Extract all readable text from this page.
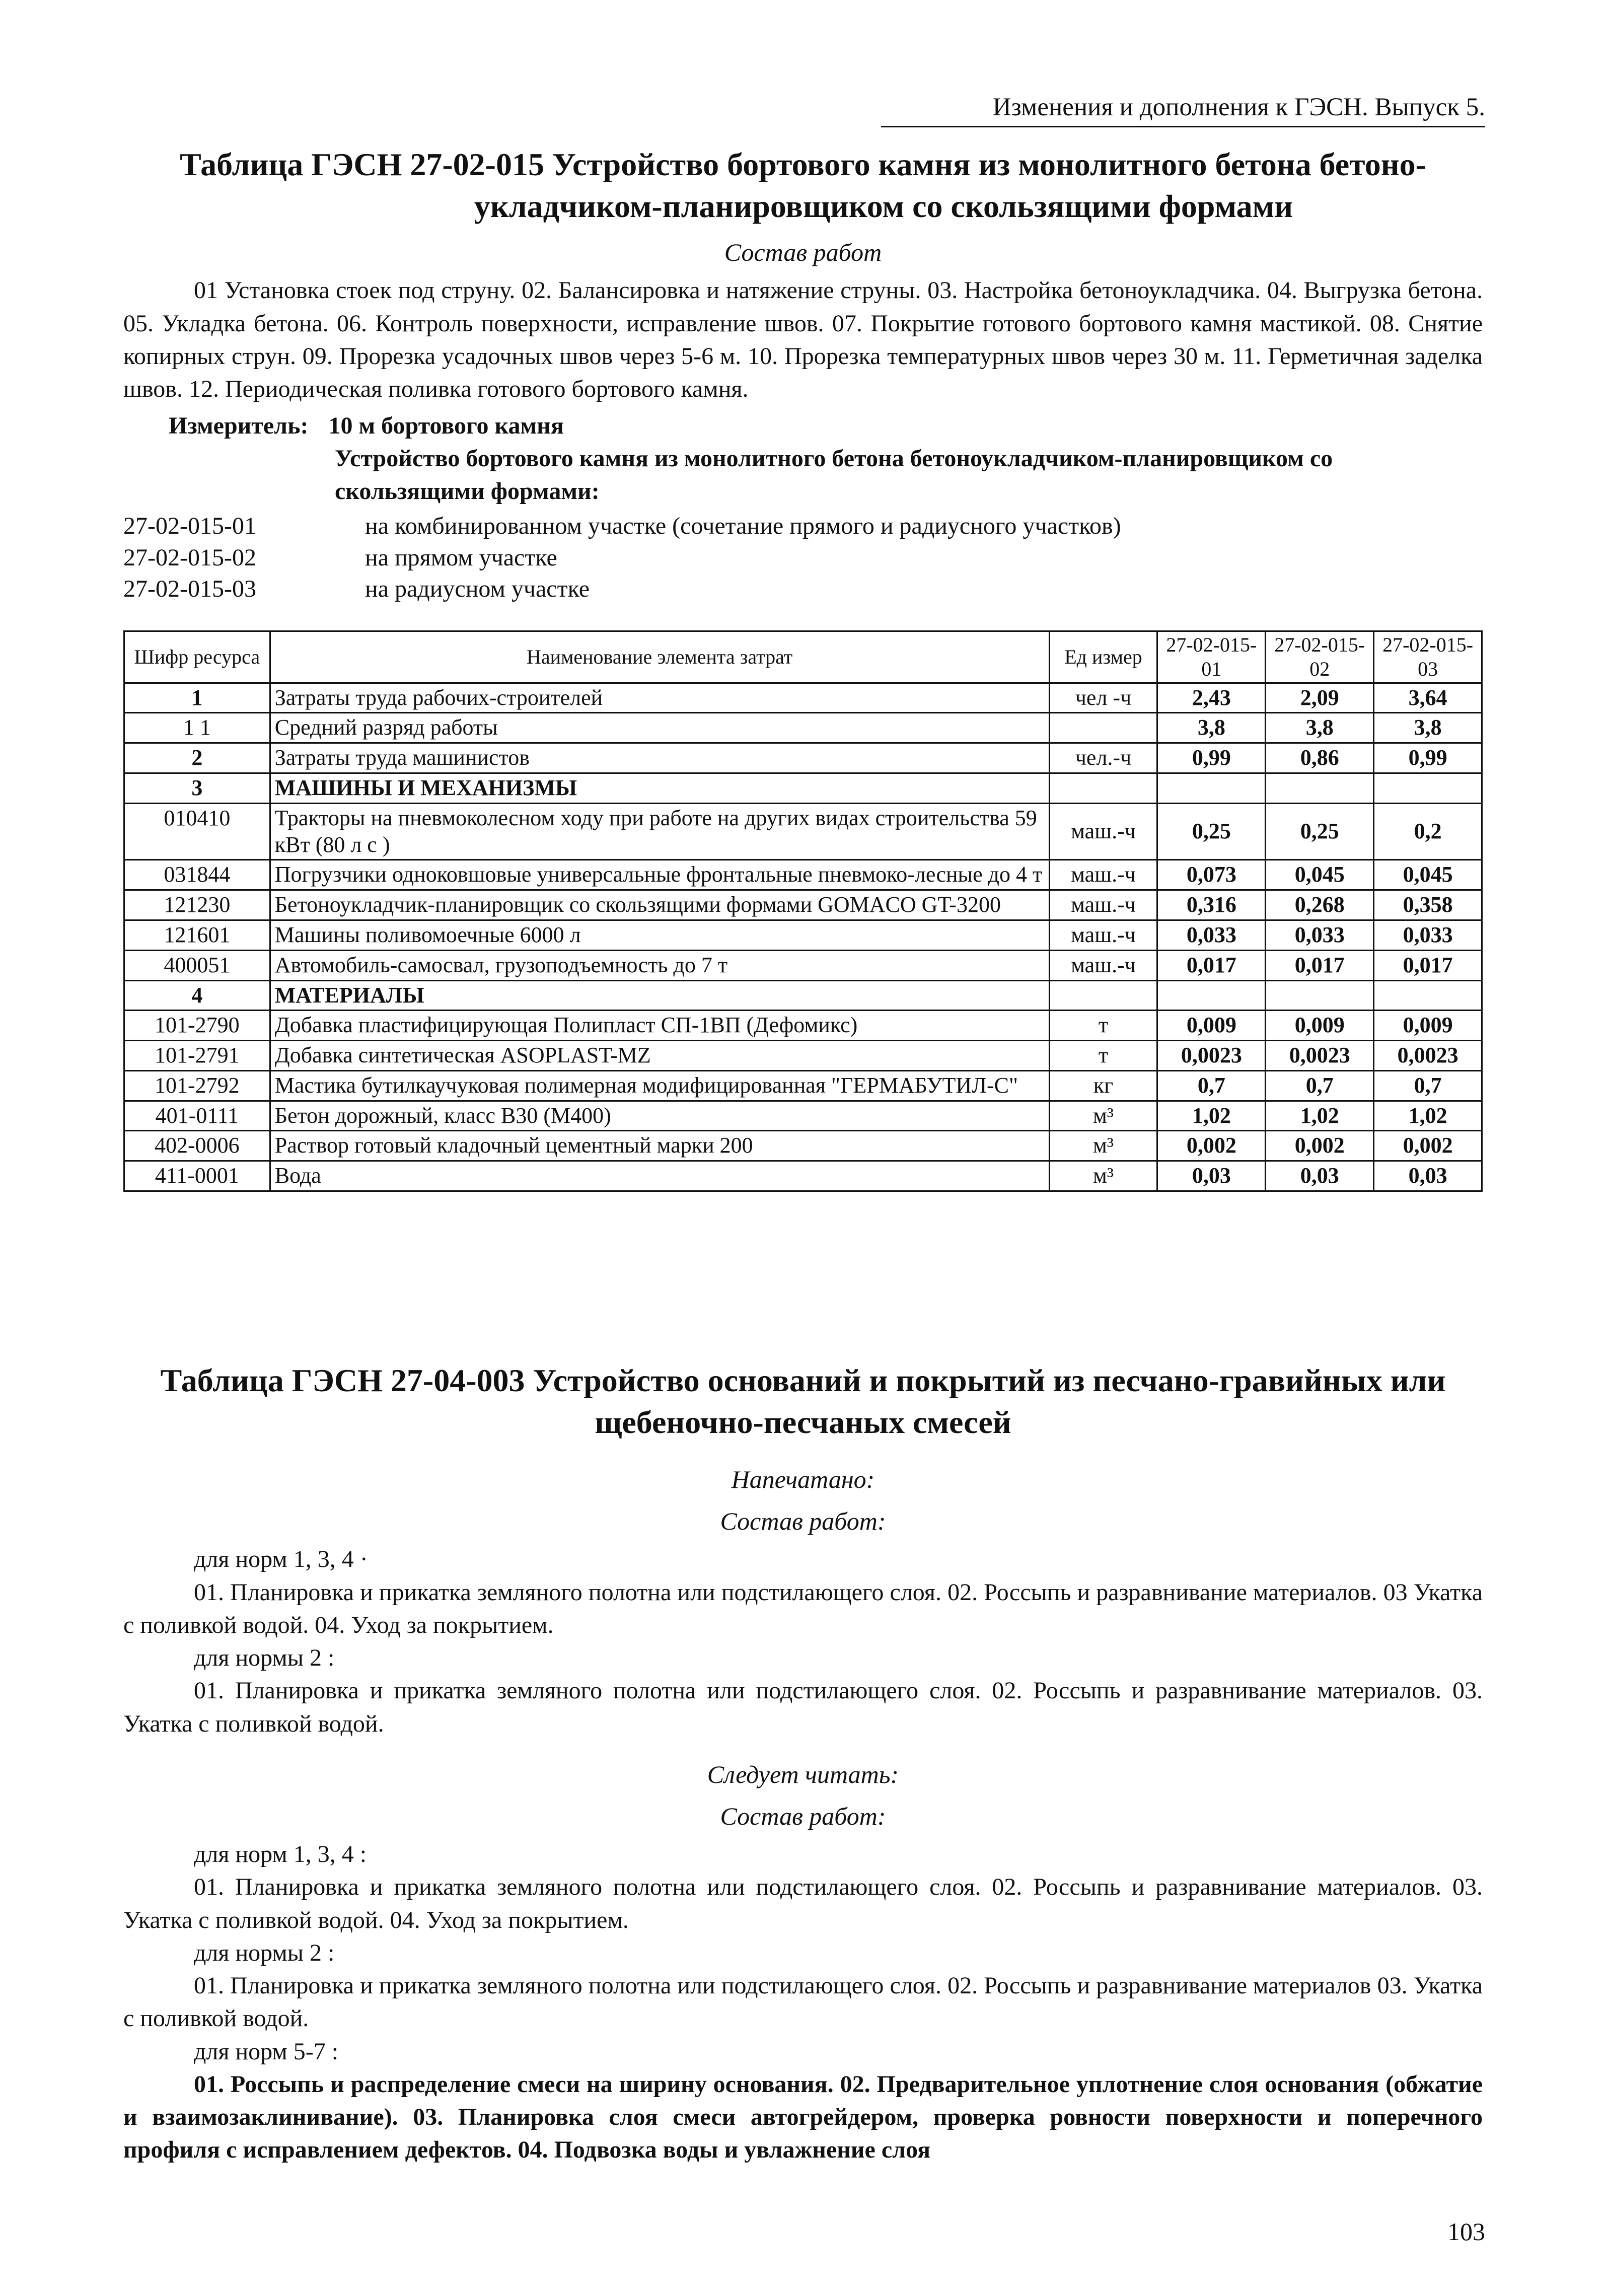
Изменения и дополнения к ГЭСН. Выпуск 5.
Таблица ГЭСН 27-02-015 Устройство бортового камня из монолитного бетона бетоно-
укладчиком-планировщиком со скользящими формами
Состав работ

01 Установка стоек под струну. 02. Балансировка и натяжение струны. 03. Настройка бетоноукладчика. 04. Выгрузка бетона. 05. Укладка бетона. 06. Контроль поверхности, исправление швов. 07. Покрытие готового бортового камня мастикой. 08. Снятие копирных струн. 09. Прорезка усадочных швов через 5-6 м. 10. Прорезка температурных швов через 30 м. 11. Герметичная заделка швов. 12. Периодическая поливка готового бортового камня.

Измеритель: 10 м бортового камня
Устройство бортового камня из монолитного бетона бетоноукладчиком-планировщиком со скользящими формами:
27-02-015-01	на комбинированном участке (сочетание прямого и радиусного участков)
27-02-015-02	на прямом участке
27-02-015-03	на радиусном участке
Шифр ресурса	Наименование элемента затрат	Ед измер	27-02-015-01	27-02-015-02	27-02-015-03
1	Затраты труда рабочих-строителей	чел -ч	2,43	2,09	3,64
1 1	Средний разряд работы		3,8	3,8	3,8
2	Затраты труда машинистов	чел.-ч	0,99	0,86	0,99
3	МАШИНЫ И МЕХАНИЗМЫ				
010410	Тракторы на пневмоколесном ходу при работе на других видах строительства 59 кВт (80 л с )	маш.-ч	0,25	0,25	0,2
031844	Погрузчики одноковшовые универсальные фронтальные пневмоко-лесные до 4 т	маш.-ч	0,073	0,045	0,045
121230	Бетоноукладчик-планировщик со скользящими формами GOMACO GT-3200	маш.-ч	0,316	0,268	0,358
121601	Машины поливомоечные 6000 л	маш.-ч	0,033	0,033	0,033
400051	Автомобиль-самосвал, грузоподъемность до 7 т	маш.-ч	0,017	0,017	0,017
4	МАТЕРИАЛЫ				
101-2790	Добавка пластифицирующая Полипласт СП-1ВП (Дефомикс)	т	0,009	0,009	0,009
101-2791	Добавка синтетическая ASOPLAST-MZ	т	0,0023	0,0023	0,0023
101-2792	Мастика бутилкаучуковая полимерная модифицированная "ГЕРМАБУТИЛ-С"	кг	0,7	0,7	0,7
401-0111	Бетон дорожный, класс В30 (М400)	м³	1,02	1,02	1,02
402-0006	Раствор готовый кладочный цементный марки 200	м³	0,002	0,002	0,002
411-0001	Вода	м³	0,03	0,03	0,03
Таблица ГЭСН 27-04-003 Устройство оснований и покрытий из песчано-гравийных или
щебеночно-песчаных смесей
Напечатано:
Состав работ:
для норм 1, 3, 4 ·

01. Планировка и прикатка земляного полотна или подстилающего слоя. 02. Россыпь и разравнивание материалов. 03 Укатка с поливкой водой. 04. Уход за покрытием.

для нормы 2 :

01. Планировка и прикатка земляного полотна или подстилающего слоя. 02. Россыпь и разравнивание материалов. 03. Укатка с поливкой водой.

Следует читать:
Состав работ:
для норм 1, 3, 4 :

01. Планировка и прикатка земляного полотна или подстилающего слоя. 02. Россыпь и разравнивание материалов. 03. Укатка с поливкой водой. 04. Уход за покрытием.

для нормы 2 :

01. Планировка и прикатка земляного полотна или подстилающего слоя. 02. Россыпь и разравнивание материалов 03. Укатка с поливкой водой.

для норм 5-7 :

01. Россыпь и распределение смеси на ширину основания. 02. Предварительное уплотнение слоя основания (обжатие и взаимозаклинивание). 03. Планировка слоя смеси автогрейдером, проверка ровности поверхности и поперечного профиля с исправлением дефектов. 04. Подвозка воды и увлажнение слоя

103
